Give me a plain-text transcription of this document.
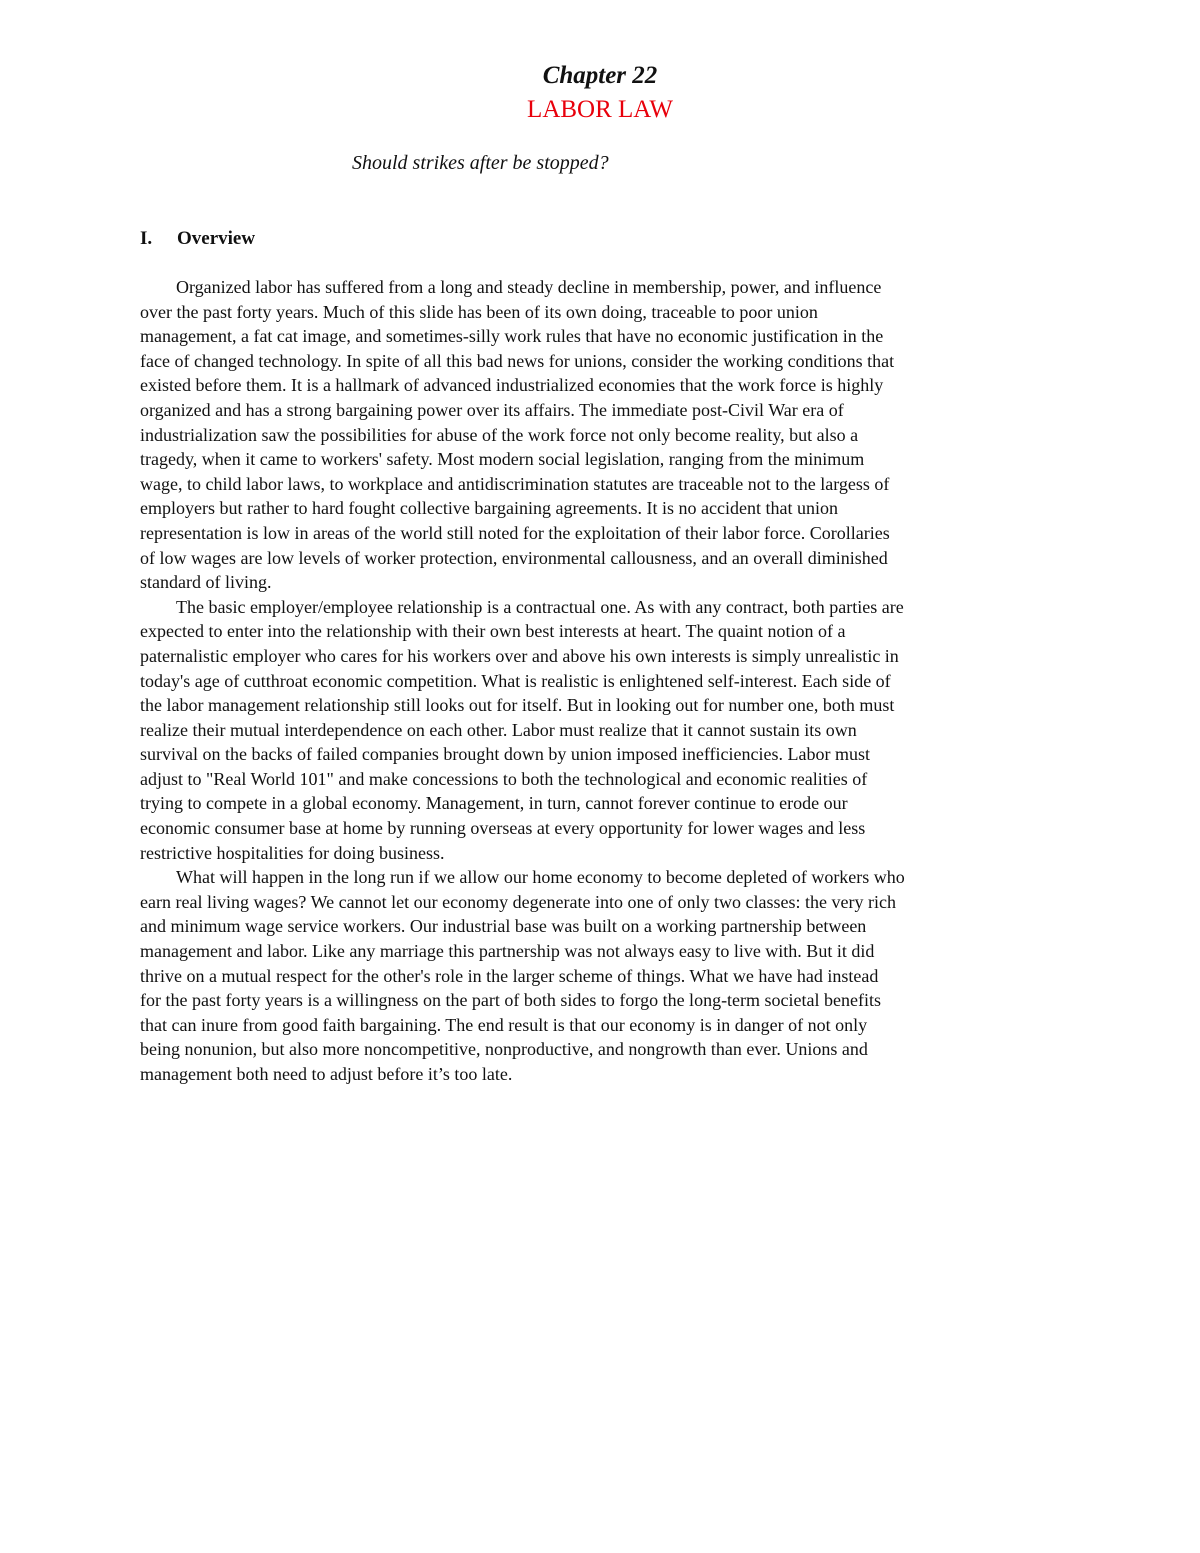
Chapter 22
LABOR LAW
Should strikes after be stopped?
I. Overview

Organized labor has suffered from a long and steady decline in membership, power, and influence
over the past forty years. Much of this slide has been of its own doing, traceable to poor union
management, a fat cat image, and sometimes-silly work rules that have no economic justification in the
face of changed technology. In spite of all this bad news for unions, consider the working conditions that
existed before them. It is a hallmark of advanced industrialized economies that the work force is highly
organized and has a strong bargaining power over its affairs. The immediate post-Civil War era of
industrialization saw the possibilities for abuse of the work force not only become reality, but also a
tragedy, when it came to workers' safety. Most modern social legislation, ranging from the minimum
wage, to child labor laws, to workplace and antidiscrimination statutes are traceable not to the largess of
employers but rather to hard fought collective bargaining agreements. It is no accident that union
representation is low in areas of the world still noted for the exploitation of their labor force. Corollaries
of low wages are low levels of worker protection, environmental callousness, and an overall diminished
standard of living.

The basic employer/employee relationship is a contractual one. As with any contract, both parties are
expected to enter into the relationship with their own best interests at heart. The quaint notion of a
paternalistic employer who cares for his workers over and above his own interests is simply unrealistic in
today's age of cutthroat economic competition. What is realistic is enlightened self-interest. Each side of
the labor management relationship still looks out for itself. But in looking out for number one, both must
realize their mutual interdependence on each other. Labor must realize that it cannot sustain its own
survival on the backs of failed companies brought down by union imposed inefficiencies. Labor must
adjust to "Real World 101" and make concessions to both the technological and economic realities of
trying to compete in a global economy. Management, in turn, cannot forever continue to erode our
economic consumer base at home by running overseas at every opportunity for lower wages and less
restrictive hospitalities for doing business.

What will happen in the long run if we allow our home economy to become depleted of workers who
earn real living wages? We cannot let our economy degenerate into one of only two classes: the very rich
and minimum wage service workers. Our industrial base was built on a working partnership between
management and labor. Like any marriage this partnership was not always easy to live with. But it did
thrive on a mutual respect for the other's role in the larger scheme of things. What we have had instead
for the past forty years is a willingness on the part of both sides to forgo the long-term societal benefits
that can inure from good faith bargaining. The end result is that our economy is in danger of not only
being nonunion, but also more noncompetitive, nonproductive, and nongrowth than ever. Unions and
management both need to adjust before it’s too late.
